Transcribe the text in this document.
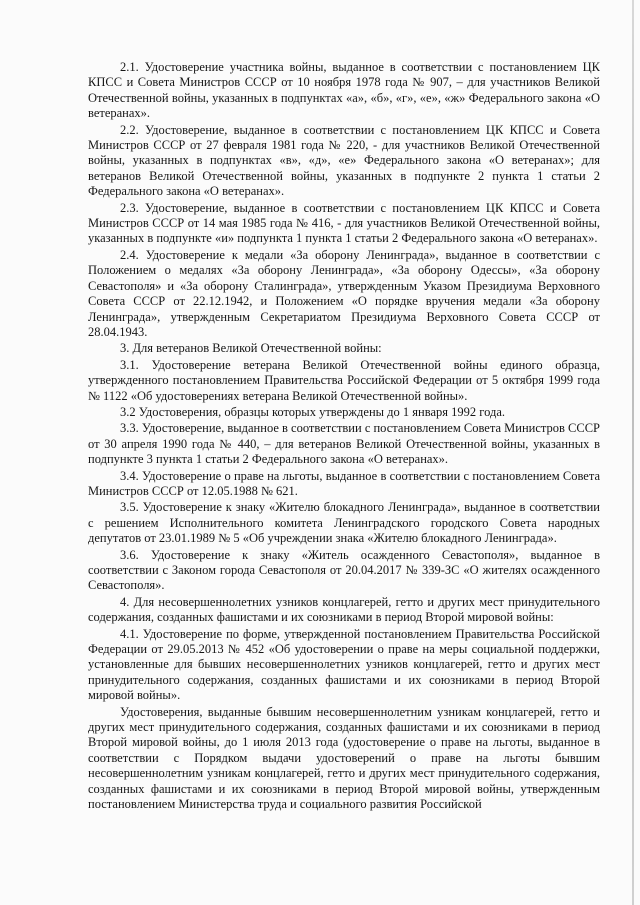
2.1. Удостоверение участника войны, выданное в соответствии с постановлением ЦК КПСС и Совета Министров СССР от 10 ноября 1978 года № 907, – для участников Великой Отечественной войны, указанных в подпунктах «а», «б», «г», «е», «ж» Федерального закона «О ветеранах».

2.2. Удостоверение, выданное в соответствии с постановлением ЦК КПСС и Совета Министров СССР от 27 февраля 1981 года № 220, - для участников Великой Отечественной войны, указанных в подпунктах «в», «д», «е» Федерального закона «О ветеранах»; для ветеранов Великой Отечественной войны, указанных в подпункте 2 пункта 1 статьи 2 Федерального закона «О ветеранах».

2.3. Удостоверение, выданное в соответствии с постановлением ЦК КПСС и Совета Министров СССР от 14 мая 1985 года № 416, - для участников Великой Отечественной войны, указанных в подпункте «и» подпункта 1 пункта 1 статьи 2 Федерального закона «О ветеранах».

2.4. Удостоверение к медали «За оборону Ленинграда», выданное в соответствии с Положением о медалях «За оборону Ленинграда», «За оборону Одессы», «За оборону Севастополя» и «За оборону Сталинграда», утвержденным Указом Президиума Верховного Совета СССР от 22.12.1942, и Положением «О порядке вручения медали «За оборону Ленинграда», утвержденным Секретариатом Президиума Верховного Совета СССР от 28.04.1943.

3. Для ветеранов Великой Отечественной войны:

3.1. Удостоверение ветерана Великой Отечественной войны единого образца, утвержденного постановлением Правительства Российской Федерации от 5 октября 1999 года № 1122 «Об удостоверениях ветерана Великой Отечественной войны».

3.2 Удостоверения, образцы которых утверждены до 1 января 1992 года.

3.3. Удостоверение, выданное в соответствии с постановлением Совета Министров СССР от 30 апреля 1990 года № 440, – для ветеранов Великой Отечественной войны, указанных в подпункте 3 пункта 1 статьи 2 Федерального закона «О ветеранах».

3.4. Удостоверение о праве на льготы, выданное в соответствии с постановлением Совета Министров СССР от 12.05.1988 № 621.

3.5. Удостоверение к знаку «Жителю блокадного Ленинграда», выданное в соответствии с решением Исполнительного комитета Ленинградского городского Совета народных депутатов от 23.01.1989 № 5 «Об учреждении знака «Жителю блокадного Ленинграда».

3.6. Удостоверение к знаку «Житель осажденного Севастополя», выданное в соответствии с Законом города Севастополя от 20.04.2017 № 339-ЗС «О жителях осажденного Севастополя».

4. Для несовершеннолетних узников концлагерей, гетто и других мест принудительного содержания, созданных фашистами и их союзниками в период Второй мировой войны:

4.1. Удостоверение по форме, утвержденной постановлением Правительства Российской Федерации от 29.05.2013 № 452 «Об удостоверении о праве на меры социальной поддержки, установленные для бывших несовершеннолетних узников концлагерей, гетто и других мест принудительного содержания, созданных фашистами и их союзниками в период Второй мировой войны».

Удостоверения, выданные бывшим несовершеннолетним узникам концлагерей, гетто и других мест принудительного содержания, созданных фашистами и их союзниками в период Второй мировой войны, до 1 июля 2013 года (удостоверение о праве на льготы, выданное в соответствии с Порядком выдачи удостоверений о праве на льготы бывшим несовершеннолетним узникам концлагерей, гетто и других мест принудительного содержания, созданных фашистами и их союзниками в период Второй мировой войны, утвержденным постановлением Министерства труда и социального развития Российской
